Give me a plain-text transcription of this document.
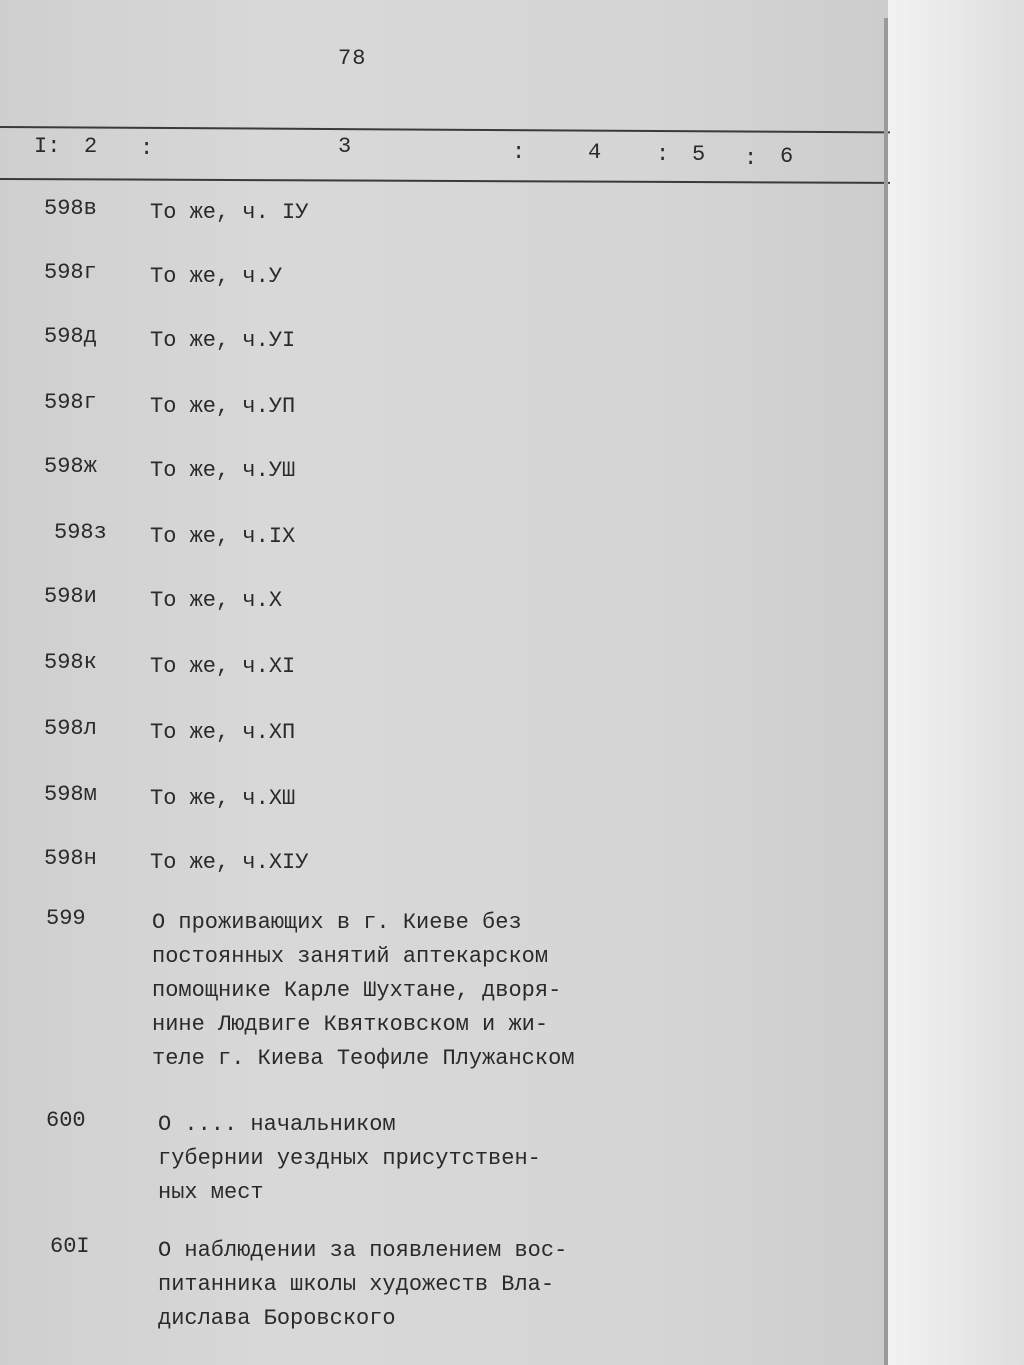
78
I: 2 :	3	:	4 : 5 : 6
598в То же, ч. IУ
598г То же, ч.У
598д То же, ч.УI
598г То же, ч.УП
598ж То же, ч.УШ
598з То же, ч.IХ
598и То же, ч.Х
598к То же, ч.ХI
598л То же, ч.ХП
598м То же, ч.ХШ
598н То же, ч.ХIУ
599	О проживающих в г. Киеве без
постоянных занятий аптекарском
помощнике Карле Шухтане, дворя-
нине Людвиге Квятковском и жи-
теле г. Киева Теофиле Плужанском
600	О .... начальником
губернии уездных присутствен-
ных мест
60I	О наблюдении за появлением вос-
питанника школы художеств Вла-
дислава Боровского
